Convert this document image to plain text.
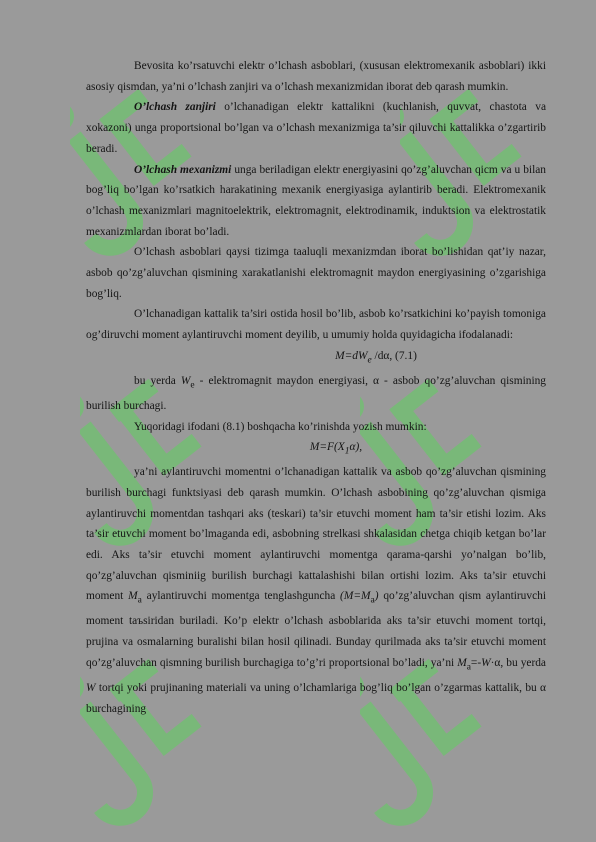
Bevosita ko’rsatuvchi elektr o’lchash asboblari, (xususan elektromexanik asboblari) ikki asosiy qismdan, ya’ni o’lchash zanjiri va o’lchash mexanizmidan iborat deb qarash mumkin.

O’lchash zanjiri o’lchanadigan elektr kattalikni (kuchlanish, quvvat, chastota va xokazoni) unga proportsional bo’lgan va o’lchash mexanizmiga ta’sir qiluvchi kattalikka o’zgartirib beradi.

O’lchash mexanizmi unga beriladigan elektr energiyasini qo’zg’aluvchan qicm va u bilan bog’liq bo’lgan ko’rsatkich harakatining mexanik energiyasiga aylantirib beradi. Elektromexanik o’lchash mexanizmlari magnitoelektrik, elektromagnit, elektrodinamik, induktsion va elektrostatik mexanizmlardan iborat bo’ladi.

O’lchash asboblari qaysi tizimga taaluqli mexanizmdan iborat bo’lishidan qat’iy nazar, asbob qo’zg’aluvchan qismining xarakatlanishi elektromagnit maydon energiyasining o’zgarishiga bog’liq.

O’lchanadigan kattalik ta’siri ostida hosil bo’lib, asbob ko’rsatkichini ko’payish tomoniga og’diruvchi moment aylantiruvchi moment deyilib, u umumiy holda quyidagicha ifodalanadi:

$M=dW_e$ /dα, (7.1)

bu yerda $W_e$ - elektromagnit maydon energiyasi, α - asbob qo’zg’aluvchan qismining burilish burchagi.

Yuqoridagi ifodani (8.1) boshqacha ko’rinishda yozish mumkin:

$M=F(X_1\alpha)$,

ya’ni aylantiruvchi momentni o’lchanadigan kattalik va asbob qo’zg’aluvchan qismining burilish burchagi funktsiyasi deb qarash mumkin. O’lchash asbobining qo’zg’aluvchan qismiga aylantiruvchi momentdan tashqari aks (teskari) ta’sir etuvchi moment ham ta’sir etishi lozim. Aks ta’sir etuvchi moment bo’lmaganda edi, asbobning strelkasi shkalasidan chetga chiqib ketgan bo’lar edi. Aks ta’sir etuvchi moment aylantiruvchi momentga qarama-qarshi yo’nalgan bo’lib, qo’zg’aluvchan qisminiig burilish burchagi kattalashishi bilan ortishi lozim. Aks ta’sir etuvchi moment $M_a$ aylantiruvchi momentga tenglashguncha $(M=M_a)$ qo’zg’aluvchan qism aylantiruvchi moment taъsiridan buriladi. Ko’p elektr o’lchash asboblarida aks ta’sir etuvchi moment tortqi, prujina va osmalarning buralishi bilan hosil qilinadi. Bunday qurilmada aks ta’sir etuvchi moment qo’zg’aluvchan qismning burilish burchagiga to’g’ri proportsional bo’ladi, ya’ni $M_a=-W\cdot\alpha$, bu yerda W tortqi yoki prujinaning materiali va uning o’lchamlariga bog’liq bo’lgan o’zgarmas kattalik, bu α burchagining
